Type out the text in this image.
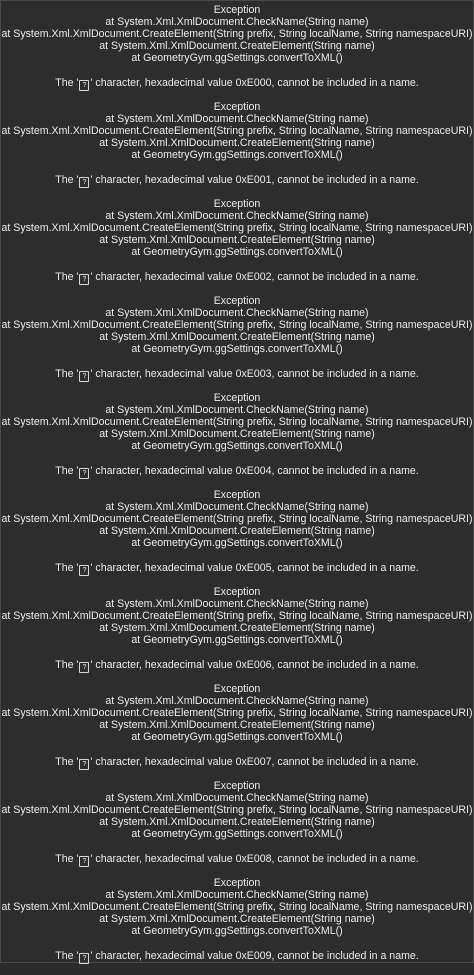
Exception
at System.Xml.XmlDocument.CheckName(String name)
at System.Xml.XmlDocument.CreateElement(String prefix, String localName, String namespaceURI)
at System.Xml.XmlDocument.CreateElement(String name)
at GeometryGym.ggSettings.convertToXML()
The ' ? ' character, hexadecimal value 0xE000, cannot be included in a name.
Exception
at System.Xml.XmlDocument.CheckName(String name)
at System.Xml.XmlDocument.CreateElement(String prefix, String localName, String namespaceURI)
at System.Xml.XmlDocument.CreateElement(String name)
at GeometryGym.ggSettings.convertToXML()
The ' ? ' character, hexadecimal value 0xE001, cannot be included in a name.
Exception
at System.Xml.XmlDocument.CheckName(String name)
at System.Xml.XmlDocument.CreateElement(String prefix, String localName, String namespaceURI)
at System.Xml.XmlDocument.CreateElement(String name)
at GeometryGym.ggSettings.convertToXML()
The ' ? ' character, hexadecimal value 0xE002, cannot be included in a name.
Exception
at System.Xml.XmlDocument.CheckName(String name)
at System.Xml.XmlDocument.CreateElement(String prefix, String localName, String namespaceURI)
at System.Xml.XmlDocument.CreateElement(String name)
at GeometryGym.ggSettings.convertToXML()
The ' ? ' character, hexadecimal value 0xE003, cannot be included in a name.
Exception
at System.Xml.XmlDocument.CheckName(String name)
at System.Xml.XmlDocument.CreateElement(String prefix, String localName, String namespaceURI)
at System.Xml.XmlDocument.CreateElement(String name)
at GeometryGym.ggSettings.convertToXML()
The ' ? ' character, hexadecimal value 0xE004, cannot be included in a name.
Exception
at System.Xml.XmlDocument.CheckName(String name)
at System.Xml.XmlDocument.CreateElement(String prefix, String localName, String namespaceURI)
at System.Xml.XmlDocument.CreateElement(String name)
at GeometryGym.ggSettings.convertToXML()
The ' ? ' character, hexadecimal value 0xE005, cannot be included in a name.
Exception
at System.Xml.XmlDocument.CheckName(String name)
at System.Xml.XmlDocument.CreateElement(String prefix, String localName, String namespaceURI)
at System.Xml.XmlDocument.CreateElement(String name)
at GeometryGym.ggSettings.convertToXML()
The ' ? ' character, hexadecimal value 0xE006, cannot be included in a name.
Exception
at System.Xml.XmlDocument.CheckName(String name)
at System.Xml.XmlDocument.CreateElement(String prefix, String localName, String namespaceURI)
at System.Xml.XmlDocument.CreateElement(String name)
at GeometryGym.ggSettings.convertToXML()
The ' ? ' character, hexadecimal value 0xE007, cannot be included in a name.
Exception
at System.Xml.XmlDocument.CheckName(String name)
at System.Xml.XmlDocument.CreateElement(String prefix, String localName, String namespaceURI)
at System.Xml.XmlDocument.CreateElement(String name)
at GeometryGym.ggSettings.convertToXML()
The ' ? ' character, hexadecimal value 0xE008, cannot be included in a name.
Exception
at System.Xml.XmlDocument.CheckName(String name)
at System.Xml.XmlDocument.CreateElement(String prefix, String localName, String namespaceURI)
at System.Xml.XmlDocument.CreateElement(String name)
at GeometryGym.ggSettings.convertToXML()
The ' ? ' character, hexadecimal value 0xE009, cannot be included in a name.
